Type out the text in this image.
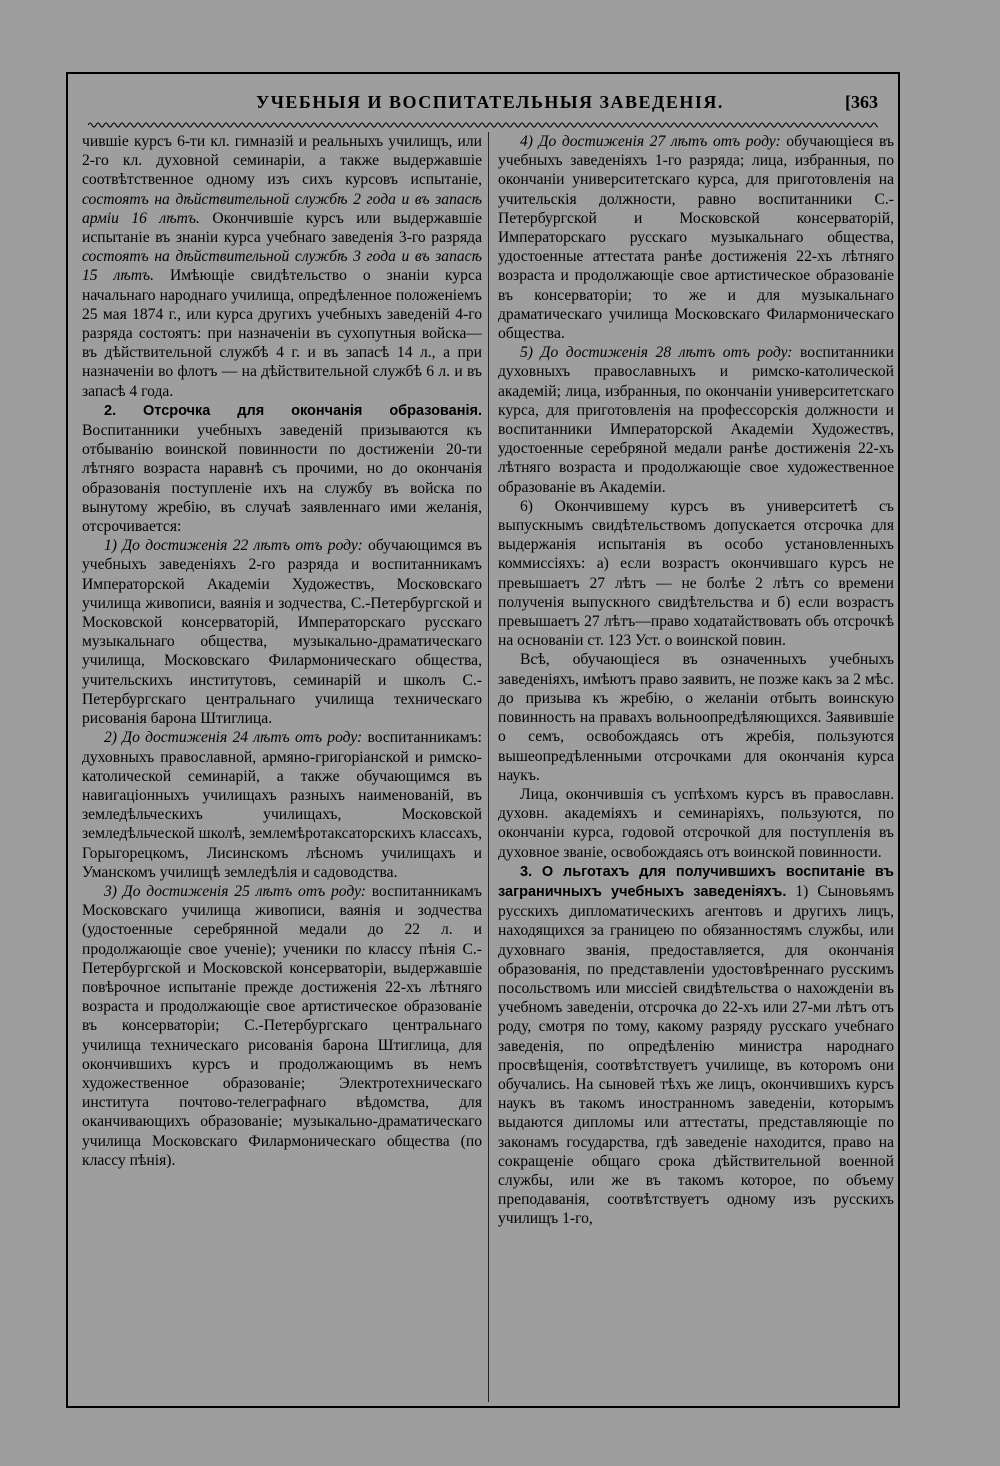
УЧЕБНЫЯ И ВОСПИТАТЕЛЬНЫЯ ЗАВЕДЕНІЯ.	[363

чившіе курсъ 6-ти кл. гимназій и реальныхъ училищъ, или 2-го кл. духовной семинаріи, а также выдержавшіе соотвѣтственное одному изъ сихъ курсовъ испытаніе, состоятъ на дѣйствительной службѣ 2 года и въ запасѣ арміи 16 лѣтъ. Окончившіе курсъ или выдержавшіе испытаніе въ знаніи курса учебнаго заведенія 3-го разряда состоятъ на дѣйствительной службѣ 3 года и въ запасѣ 15 лѣтъ. Имѣющіе свидѣтельство о знаніи курса начальнаго народнаго училища, опредѣленное положеніемъ 25 мая 1874 г., или курса другихъ учебныхъ заведеній 4-го разряда состоятъ: при назначеніи въ сухопутныя войска—въ дѣйствительной службѣ 4 г. и въ запасѣ 14 л., а при назначеніи во флотъ — на дѣйствительной службѣ 6 л. и въ запасѣ 4 года.

2. Отсрочка для окончанія образованія. Воспитанники учебныхъ заведеній призываются къ отбыванію воинской повинности по достиженіи 20-ти лѣтняго возраста наравнѣ съ прочими, но до окончанія образованія поступленіе ихъ на службу въ войска по вынутому жребію, въ случаѣ заявленнаго ими желанія, отсрочивается:

1) До достиженія 22 лѣтъ отъ роду: обучающимся въ учебныхъ заведеніяхъ 2-го разряда и воспитанникамъ Императорской Академіи Художествъ, Московскаго училища живописи, ваянія и зодчества, С.-Петербургской и Московской консерваторій, Императорскаго русскаго музыкальнаго общества, музыкально-драматическаго училища, Московскаго Филармоническаго общества, учительскихъ институтовъ, семинарій и школъ С.-Петербургскаго центральнаго училища техническаго рисованія барона Штиглица.

2) До достиженія 24 лѣтъ отъ роду: воспитанникамъ: духовныхъ православной, армяно-григоріанской и римско-католической семинарій, а также обучающимся въ навигаціонныхъ училищахъ разныхъ наименованій, въ земледѣльческихъ училищахъ, Московской земледѣльческой школѣ, землемѣротаксаторскихъ классахъ, Горыгорецкомъ, Лисинскомъ лѣсномъ училищахъ и Уманскомъ училищѣ земледѣлія и садоводства.

3) До достиженія 25 лѣтъ отъ роду: воспитанникамъ Московскаго училища живописи, ваянія и зодчества (удостоенные серебрянной медали до 22 л. и продолжающіе свое ученіе); ученики по классу пѣнія С.-Петербургской и Московской консерваторіи, выдержавшіе повѣрочное испытаніе прежде достиженія 22-хъ лѣтняго возраста и продолжающіе свое артистическое образованіе въ консерваторіи; С.-Петербургскаго центральнаго училища техническаго рисованія барона Штиглица, для окончившихъ курсъ и продолжающимъ въ немъ художественное образованіе; Электротехническаго института почтово-телеграфнаго вѣдомства, для оканчивающихъ образованіе; музыкально-драматическаго училища Московскаго Филармоническаго общества (по классу пѣнія).

4) До достиженія 27 лѣтъ отъ роду: обучающіеся въ учебныхъ заведеніяхъ 1-го разряда; лица, избранныя, по окончаніи университетскаго курса, для приготовленія на учительскія должности, равно воспитанники С.-Петербургской и Московской консерваторій, Императорскаго русскаго музыкальнаго общества, удостоенные аттестата ранѣе достиженія 22-хъ лѣтняго возраста и продолжающіе свое артистическое образованіе въ консерваторіи; то же и для музыкальнаго драматическаго училища Московскаго Филармоническаго общества.

5) До достиженія 28 лѣтъ отъ роду: воспитанники духовныхъ православныхъ и римско-католической академій; лица, избранныя, по окончаніи университетскаго курса, для приготовленія на профессорскія должности и воспитанники Императорской Академіи Художествъ, удостоенные серебряной медали ранѣе достиженія 22-хъ лѣтняго возраста и продолжающіе свое художественное образованіе въ Академіи.

6) Окончившему курсъ въ университетѣ съ выпускнымъ свидѣтельствомъ допускается отсрочка для выдержанія испытанія въ особо установленныхъ коммиссіяхъ: а) если возрастъ окончившаго курсъ не превышаетъ 27 лѣтъ — не болѣе 2 лѣтъ со времени полученія выпускного свидѣтельства и б) если возрастъ превышаетъ 27 лѣтъ—право ходатайствовать объ отсрочкѣ на основаніи ст. 123 Уст. о воинской повин.

Всѣ, обучающіеся въ означенныхъ учебныхъ заведеніяхъ, имѣютъ право заявить, не позже какъ за 2 мѣс. до призыва къ жребію, о желаніи отбыть воинскую повинность на правахъ вольноопредѣляющихся. Заявившіе о семъ, освобождаясь отъ жребія, пользуются вышеопредѣленными отсрочками для окончанія курса наукъ.

Лица, окончившія съ успѣхомъ курсъ въ православн. духовн. академіяхъ и семинаріяхъ, пользуются, по окончаніи курса, годовой отсрочкой для поступленія въ духовное званіе, освобождаясь отъ воинской повинности.

3. О льготахъ для получившихъ воспитаніе въ заграничныхъ учебныхъ заведеніяхъ. 1) Сыновьямъ русскихъ дипломатическихъ агентовъ и другихъ лицъ, находящихся за границею по обязанностямъ службы, или духовнаго званія, предоставляется, для окончанія образованія, по представленіи удостовѣреннаго русскимъ посольствомъ или миссіей свидѣтельства о нахожденіи въ учебномъ заведеніи, отсрочка до 22-хъ или 27-ми лѣтъ отъ роду, смотря по тому, какому разряду русскаго учебнаго заведенія, по опредѣленію министра народнаго просвѣщенія, соотвѣтствуетъ училище, въ которомъ они обучались. На сыновей тѣхъ же лицъ, окончившихъ курсъ наукъ въ такомъ иностранномъ заведеніи, которымъ выдаются дипломы или аттестаты, представляющіе по законамъ государства, гдѣ заведеніе находится, право на сокращеніе общаго срока дѣйствительной военной службы, или же въ такомъ которое, по объему преподаванія, соотвѣтствуетъ одному изъ русскихъ училищъ 1-го,
